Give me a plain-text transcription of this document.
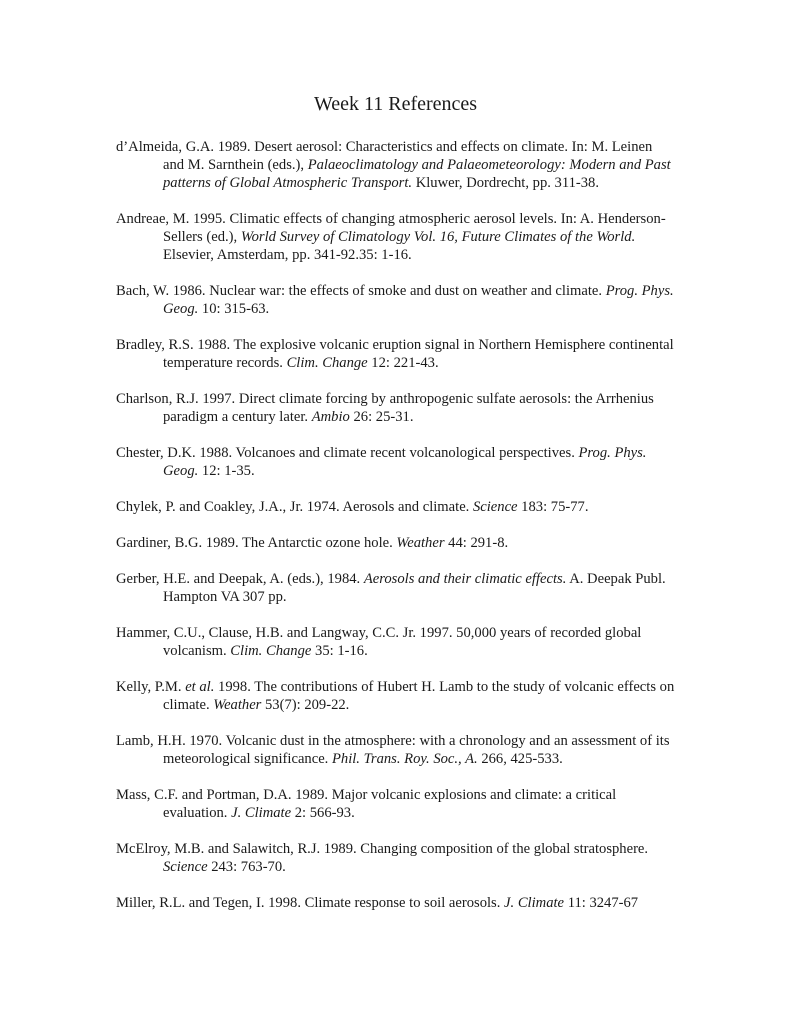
Week 11 References
d’Almeida, G.A. 1989. Desert aerosol: Characteristics and effects on climate. In: M. Leinen and M. Sarnthein (eds.), Palaeoclimatology and Palaeometeorology: Modern and Past patterns of Global Atmospheric Transport. Kluwer, Dordrecht, pp. 311-38.
Andreae, M. 1995. Climatic effects of changing atmospheric aerosol levels. In: A. Henderson-Sellers (ed.), World Survey of Climatology Vol. 16, Future Climates of the World. Elsevier, Amsterdam, pp. 341-92.35: 1-16.
Bach, W. 1986. Nuclear war: the effects of smoke and dust on weather and climate. Prog. Phys. Geog. 10: 315-63.
Bradley, R.S. 1988. The explosive volcanic eruption signal in Northern Hemisphere continental temperature records. Clim. Change 12: 221-43.
Charlson, R.J. 1997. Direct climate forcing by anthropogenic sulfate aerosols: the Arrhenius paradigm a century later. Ambio 26: 25-31.
Chester, D.K. 1988. Volcanoes and climate recent volcanological perspectives. Prog. Phys. Geog. 12: 1-35.
Chylek, P. and Coakley, J.A., Jr. 1974. Aerosols and climate. Science 183: 75-77.
Gardiner, B.G. 1989. The Antarctic ozone hole. Weather 44: 291-8.
Gerber, H.E. and Deepak, A. (eds.), 1984. Aerosols and their climatic effects. A. Deepak Publ. Hampton VA 307 pp.
Hammer, C.U., Clause, H.B. and Langway, C.C. Jr. 1997. 50,000 years of recorded global volcanism. Clim. Change 35: 1-16.
Kelly, P.M. et al. 1998. The contributions of Hubert H. Lamb to the study of volcanic effects on climate. Weather 53(7): 209-22.
Lamb, H.H. 1970. Volcanic dust in the atmosphere: with a chronology and an assessment of its meteorological significance. Phil. Trans. Roy. Soc., A. 266, 425-533.
Mass, C.F. and Portman, D.A. 1989. Major volcanic explosions and climate: a critical evaluation. J. Climate 2: 566-93.
McElroy, M.B. and Salawitch, R.J. 1989. Changing composition of the global stratosphere. Science 243: 763-70.
Miller, R.L. and Tegen, I. 1998. Climate response to soil aerosols. J. Climate 11: 3247-67
